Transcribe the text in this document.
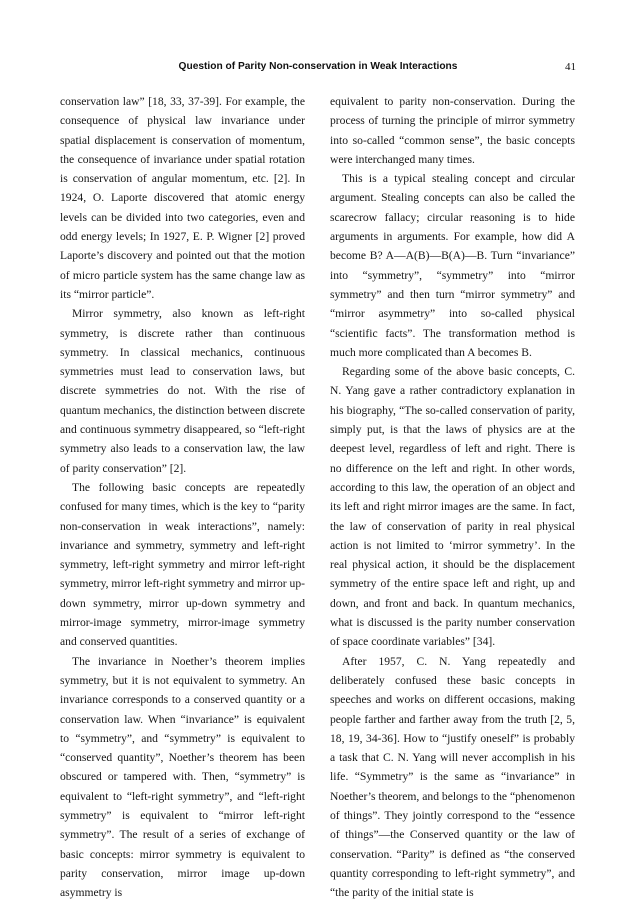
Question of Parity Non-conservation in Weak Interactions	41

conservation law” [18, 33, 37-39]. For example, the consequence of physical law invariance under spatial displacement is conservation of momentum, the consequence of invariance under spatial rotation is conservation of angular momentum, etc. [2]. In 1924, O. Laporte discovered that atomic energy levels can be divided into two categories, even and odd energy levels; In 1927, E. P. Wigner [2] proved Laporte’s discovery and pointed out that the motion of micro particle system has the same change law as its “mirror particle”.

Mirror symmetry, also known as left-right symmetry, is discrete rather than continuous symmetry. In classical mechanics, continuous symmetries must lead to conservation laws, but discrete symmetries do not. With the rise of quantum mechanics, the distinction between discrete and continuous symmetry disappeared, so “left-right symmetry also leads to a conservation law, the law of parity conservation” [2].

The following basic concepts are repeatedly confused for many times, which is the key to “parity non-conservation in weak interactions”, namely: invariance and symmetry, symmetry and left-right symmetry, left-right symmetry and mirror left-right symmetry, mirror left-right symmetry and mirror up-down symmetry, mirror up-down symmetry and mirror-image symmetry, mirror-image symmetry and conserved quantities.

The invariance in Noether’s theorem implies symmetry, but it is not equivalent to symmetry. An invariance corresponds to a conserved quantity or a conservation law. When “invariance” is equivalent to “symmetry”, and “symmetry” is equivalent to “conserved quantity”, Noether’s theorem has been obscured or tampered with. Then, “symmetry” is equivalent to “left-right symmetry”, and “left-right symmetry” is equivalent to “mirror left-right symmetry”. The result of a series of exchange of basic concepts: mirror symmetry is equivalent to parity conservation, mirror image up-down asymmetry is

equivalent to parity non-conservation. During the process of turning the principle of mirror symmetry into so-called “common sense”, the basic concepts were interchanged many times.

This is a typical stealing concept and circular argument. Stealing concepts can also be called the scarecrow fallacy; circular reasoning is to hide arguments in arguments. For example, how did A become B? A—A(B)—B(A)—B. Turn “invariance” into “symmetry”, “symmetry” into “mirror symmetry” and then turn “mirror symmetry” and “mirror asymmetry” into so-called physical “scientific facts”. The transformation method is much more complicated than A becomes B.

Regarding some of the above basic concepts, C. N. Yang gave a rather contradictory explanation in his biography, “The so-called conservation of parity, simply put, is that the laws of physics are at the deepest level, regardless of left and right. There is no difference on the left and right. In other words, according to this law, the operation of an object and its left and right mirror images are the same. In fact, the law of conservation of parity in real physical action is not limited to ‘mirror symmetry’. In the real physical action, it should be the displacement symmetry of the entire space left and right, up and down, and front and back. In quantum mechanics, what is discussed is the parity number conservation of space coordinate variables” [34].

After 1957, C. N. Yang repeatedly and deliberately confused these basic concepts in speeches and works on different occasions, making people farther and farther away from the truth [2, 5, 18, 19, 34-36]. How to “justify oneself” is probably a task that C. N. Yang will never accomplish in his life. “Symmetry” is the same as “invariance” in Noether’s theorem, and belongs to the “phenomenon of things”. They jointly correspond to the “essence of things”—the Conserved quantity or the law of conservation. “Parity” is defined as “the conserved quantity corresponding to left-right symmetry”, and “the parity of the initial state is
